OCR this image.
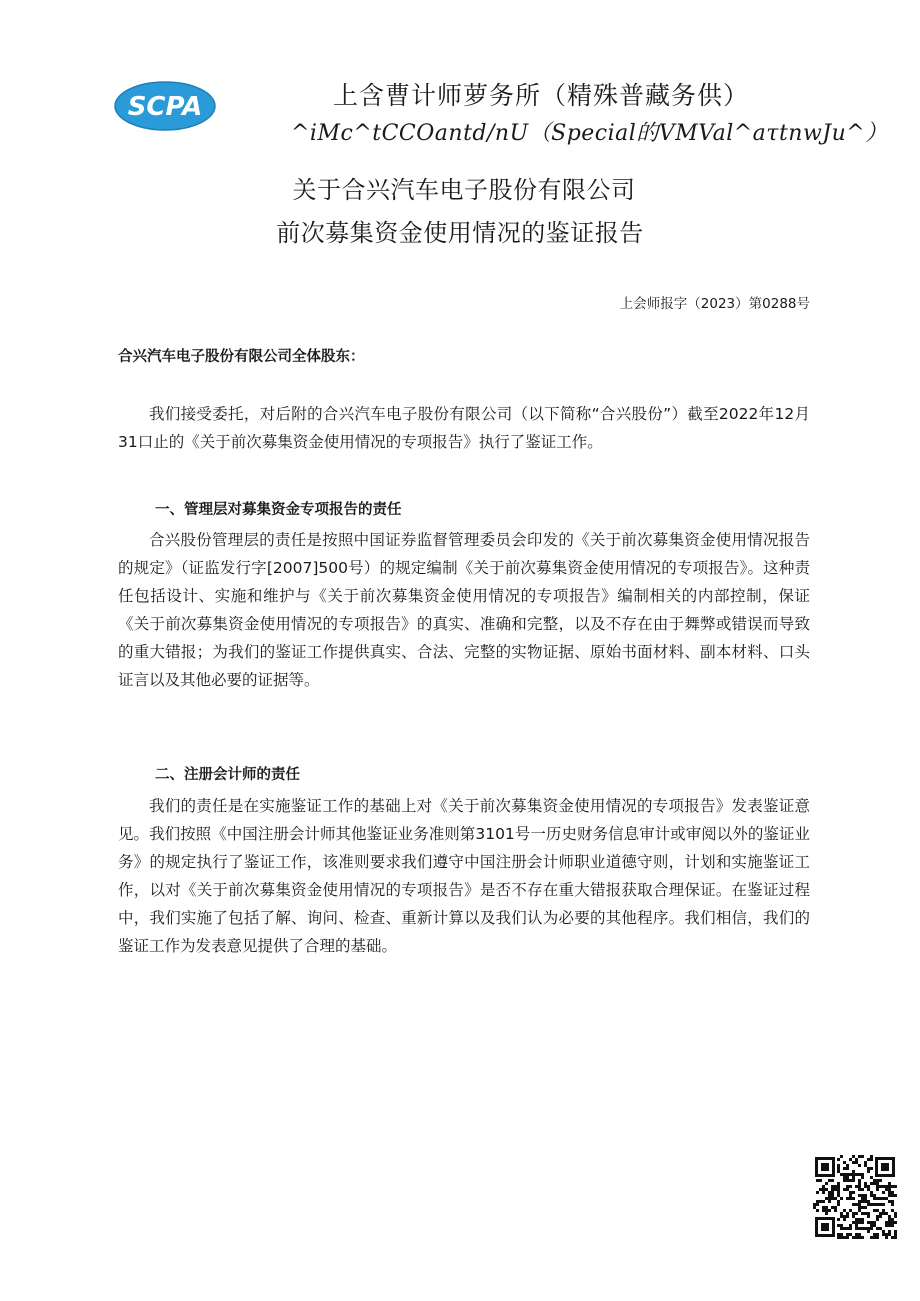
SCPA	上含曹计师萝务所（精殊普藏务供）
^iMc^tCCOantd/nU（Special的VMVal^aτtnwJu^）
关于合兴汽车电子股份有限公司
前次募集资金使用情况的鉴证报告
上会师报字（2023）第0288号
合兴汽车电子股份有限公司全体股东：
我们接受委托，对后附的合兴汽车电子股份有限公司（以下简称“合兴股份”）截至2022年12月31口止的《关于前次募集资金使用情况的专项报告》执行了鉴证工作。
一、管理层对募集资金专项报告的责任
合兴股份管理层的责任是按照中国证券监督管理委员会印发的《关于前次募集资金使用情况报告的规定》（证监发行字[2007]500号）的规定编制《关于前次募集资金使用情况的专项报告》。这种责任包括设计、实施和维护与《关于前次募集资金使用情况的专项报告》编制相关的内部控制，保证《关于前次募集资金使用情况的专项报告》的真实、准确和完整，以及不存在由于舞弊或错误而导致的重大错报；为我们的鉴证工作提供真实、合法、完整的实物证据、原始书面材料、副本材料、口头证言以及其他必要的证据等。
二、注册会计师的责任
我们的责任是在实施鉴证工作的基础上对《关于前次募集资金使用情况的专项报告》发表鉴证意见。我们按照《中国注册会计师其他鉴证业务准则第3101号一历史财务信息审计或审阅以外的鉴证业务》的规定执行了鉴证工作，该准则要求我们遵守中国注册会计师职业道德守则，计划和实施鉴证工作，以对《关于前次募集资金使用情况的专项报告》是否不存在重大错报获取合理保证。在鉴证过程中，我们实施了包括了解、询问、检查、重新计算以及我们认为必要的其他程序。我们相信，我们的鉴证工作为发表意见提供了合理的基础。
